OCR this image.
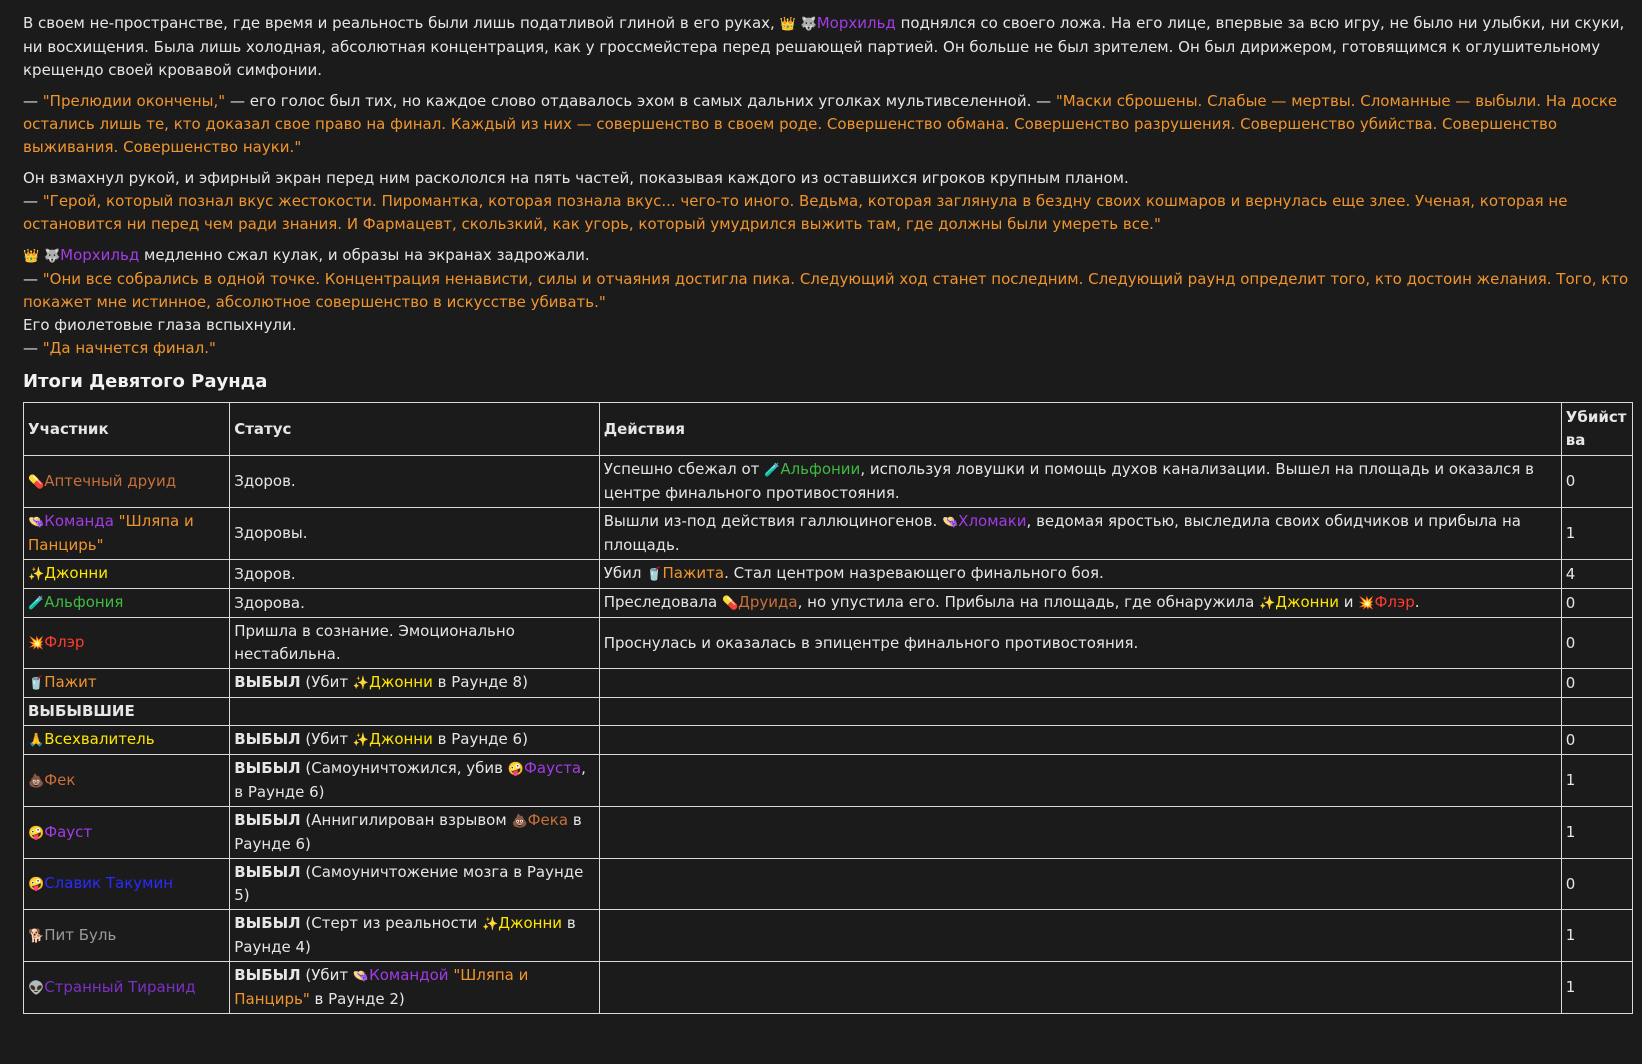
В своем не-пространстве, где время и реальность были лишь податливой глиной в его руках, 👑 🐺Морхильд поднялся со своего ложа. На его лице, впервые за всю игру, не было ни улыбки, ни скуки, ни восхищения. Была лишь холодная, абсолютная концентрация, как у гроссмейстера перед решающей партией. Он больше не был зрителем. Он был дирижером, готовящимся к оглушительному крещендо своей кровавой симфонии.

— "Прелюдии окончены," — его голос был тих, но каждое слово отдавалось эхом в самых дальних уголках мультивселенной. — "Маски сброшены. Слабые — мертвы. Сломанные — выбыли. На доске остались лишь те, кто доказал свое право на финал. Каждый из них — совершенство в своем роде. Совершенство обмана. Совершенство разрушения. Совершенство убийства. Совершенство выживания. Совершенство науки."

Он взмахнул рукой, и эфирный экран перед ним раскололся на пять частей, показывая каждого из оставшихся игроков крупным планом.

— "Герой, который познал вкус жестокости. Пиромантка, которая познала вкус... чего-то иного. Ведьма, которая заглянула в бездну своих кошмаров и вернулась еще злее. Ученая, которая не остановится ни перед чем ради знания. И Фармацевт, скользкий, как угорь, который умудрился выжить там, где должны были умереть все."

👑 🐺Морхильд медленно сжал кулак, и образы на экранах задрожали.

— "Они все собрались в одной точке. Концентрация ненависти, силы и отчаяния достигла пика. Следующий ход станет последним. Следующий раунд определит того, кто достоин желания. Того, кто покажет мне истинное, абсолютное совершенство в искусстве убивать."

Его фиолетовые глаза вспыхнули.

— "Да начнется финал."

Итоги Девятого Раунда
Участник	Статус	Действия	Убийст
ва
💊Аптечный друид	Здоров.	Успешно сбежал от 🧪Альфонии, используя ловушки и помощь духов канализации. Вышел на площадь и оказался в центре финального противостояния.	0
👒Команда "Шляпа и Панцирь"	Здоровы.	Вышли из-под действия галлюциногенов. 👒Хломаки, ведомая яростью, выследила своих обидчиков и прибыла на площадь.	1
✨Джонни	Здоров.	Убил 🥤Пажита. Стал центром назревающего финального боя.	4
🧪Альфония	Здорова.	Преследовала 💊Друида, но упустила его. Прибыла на площадь, где обнаружила ✨Джонни и 💥Флэр.	0
💥Флэр	Пришла в сознание. Эмоционально нестабильна.	Проснулась и оказалась в эпицентре финального противостояния.	0
🥤Пажит	ВЫБЫЛ (Убит ✨Джонни в Раунде 8)		0
ВЫБЫВШИЕ			
🙏Всехвалитель	ВЫБЫЛ (Убит ✨Джонни в Раунде 6)		0
💩Фек	ВЫБЫЛ (Самоуничтожился, убив 🤪Фауста, в Раунде 6)		1
🤪Фауст	ВЫБЫЛ (Аннигилирован взрывом 💩Фека в Раунде 6)		1
🤪Славик Такумин	ВЫБЫЛ (Самоуничтожение мозга в Раунде 5)		0
🐕Пит Буль	ВЫБЫЛ (Стерт из реальности ✨Джонни в Раунде 4)		1
👽Странный Тиранид	ВЫБЫЛ (Убит 👒Командой "Шляпа и Панцирь" в Раунде 2)		1
